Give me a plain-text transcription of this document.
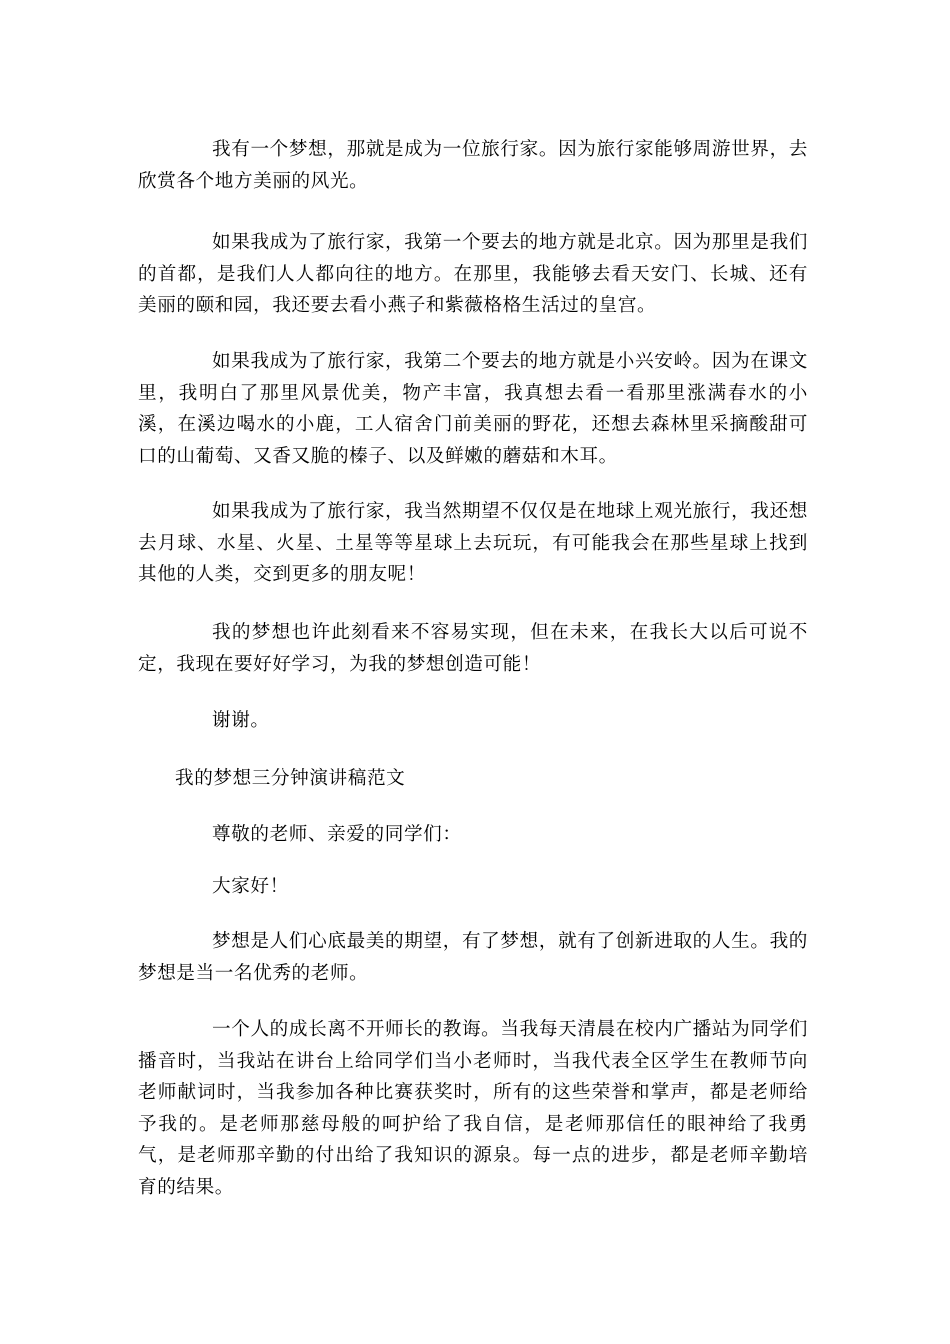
我有一个梦想，那就是成为一位旅行家。因为旅行家能够周游世界，去欣赏各个地方美丽的风光。

如果我成为了旅行家，我第一个要去的地方就是北京。因为那里是我们的首都，是我们人人都向往的地方。在那里，我能够去看天安门、长城、还有美丽的颐和园，我还要去看小燕子和紫薇格格生活过的皇宫。

如果我成为了旅行家，我第二个要去的地方就是小兴安岭。因为在课文里，我明白了那里风景优美，物产丰富，我真想去看一看那里涨满春水的小溪，在溪边喝水的小鹿，工人宿舍门前美丽的野花，还想去森林里采摘酸甜可口的山葡萄、又香又脆的榛子、以及鲜嫩的蘑菇和木耳。

如果我成为了旅行家，我当然期望不仅仅是在地球上观光旅行，我还想去月球、水星、火星、土星等等星球上去玩玩，有可能我会在那些星球上找到其他的人类，交到更多的朋友呢！

我的梦想也许此刻看来不容易实现，但在未来，在我长大以后可说不定，我现在要好好学习，为我的梦想创造可能！

谢谢。

我的梦想三分钟演讲稿范文

尊敬的老师、亲爱的同学们：

大家好！

梦想是人们心底最美的期望，有了梦想，就有了创新进取的人生。我的梦想是当一名优秀的老师。

一个人的成长离不开师长的教诲。当我每天清晨在校内广播站为同学们播音时，当我站在讲台上给同学们当小老师时，当我代表全区学生在教师节向老师献词时，当我参加各种比赛获奖时，所有的这些荣誉和掌声，都是老师给予我的。是老师那慈母般的呵护给了我自信，是老师那信任的眼神给了我勇气，是老师那辛勤的付出给了我知识的源泉。每一点的进步，都是老师辛勤培育的结果。
